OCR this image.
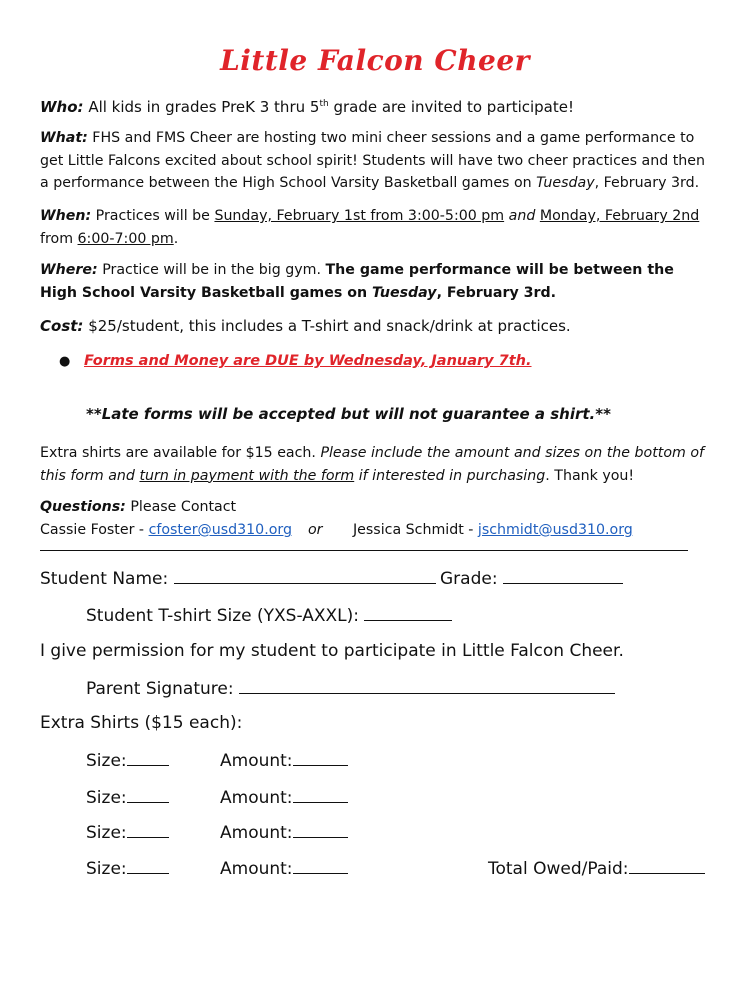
Little Falcon Cheer
Who: All kids in grades PreK 3 thru 5th grade are invited to participate!
What: FHS and FMS Cheer are hosting two mini cheer sessions and a game performance to get Little Falcons excited about school spirit! Students will have two cheer practices and then a performance between the High School Varsity Basketball games on Tuesday, February 3rd.
When: Practices will be Sunday, February 1st from 3:00-5:00 pm and Monday, February 2nd from 6:00-7:00 pm.
Where: Practice will be in the big gym. The game performance will be between the High School Varsity Basketball games on Tuesday, February 3rd.
Cost: $25/student, this includes a T-shirt and snack/drink at practices.
● Forms and Money are DUE by Wednesday, January 7th.
**Late forms will be accepted but will not guarantee a shirt.**
Extra shirts are available for $15 each. Please include the amount and sizes on the bottom of this form and turn in payment with the form if interested in purchasing. Thank you!
Questions: Please Contact
Cassie Foster - cfoster@usd310.org or Jessica Schmidt - jschmidt@usd310.org
Student Name:	Grade:
Student T-shirt Size (YXS-AXXL):
I give permission for my student to participate in Little Falcon Cheer.
Parent Signature:
Extra Shirts ($15 each):
Size:	Amount:
Size:	Amount:
Size:	Amount:
Size:	Amount:	Total Owed/Paid:
